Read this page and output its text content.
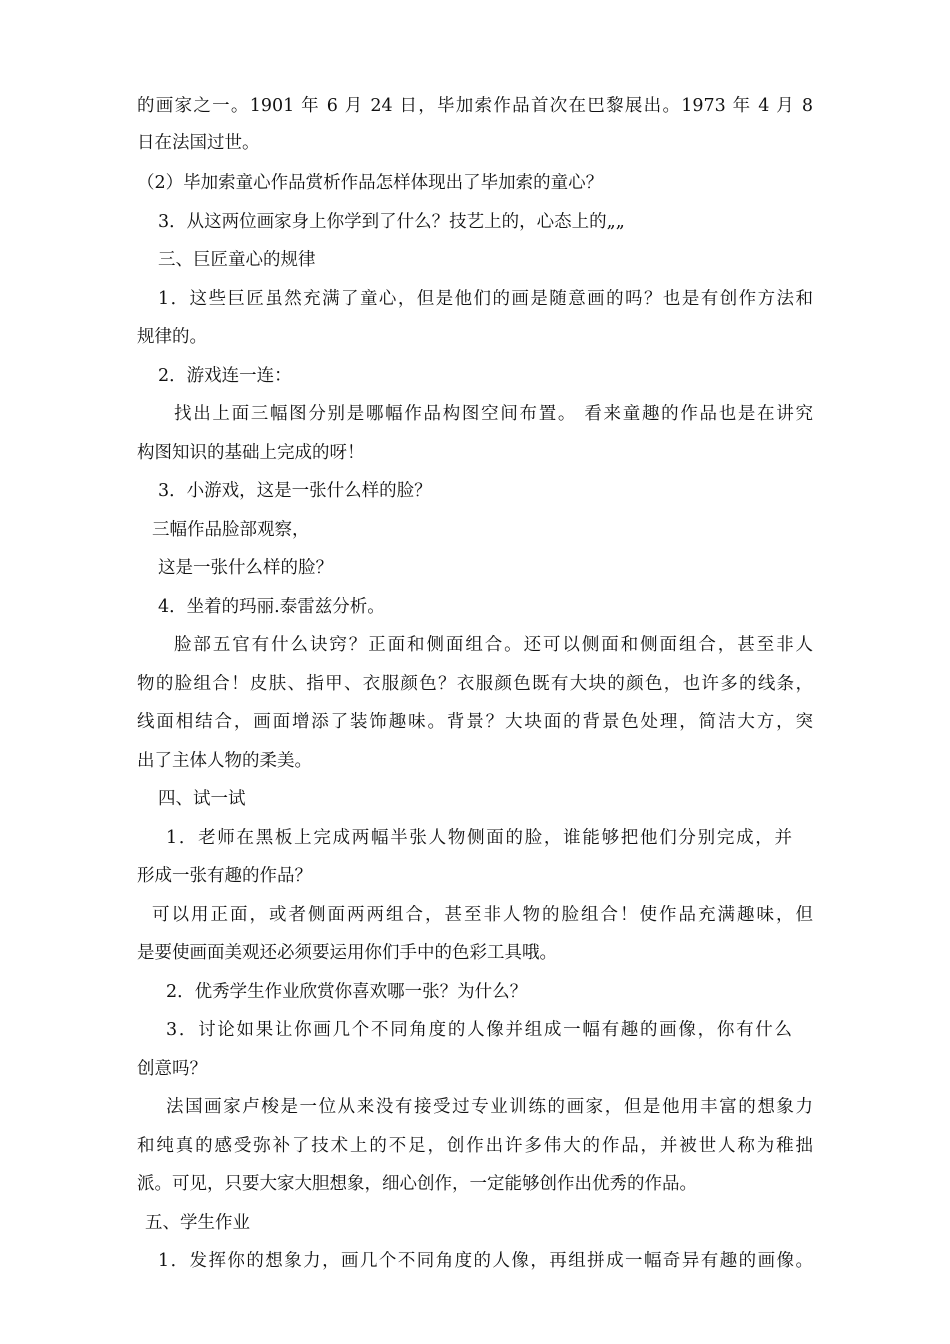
的画家之一。1901 年 6 月 24 日，毕加索作品首次在巴黎展出。1973 年 4 月 8
日在法国过世。
（2）毕加索童心作品赏析作品怎样体现出了毕加索的童心？
3．从这两位画家身上你学到了什么？技艺上的，心态上的„„
三、巨匠童心的规律
1．这些巨匠虽然充满了童心，但是他们的画是随意画的吗？也是有创作方法和
规律的。
2．游戏连一连：
找出上面三幅图分别是哪幅作品构图空间布置。 看来童趣的作品也是在讲究
构图知识的基础上完成的呀！
3．小游戏，这是一张什么样的脸？
三幅作品脸部观察，
这是一张什么样的脸？
4．坐着的玛丽.泰雷兹分析。
脸部五官有什么诀窍？正面和侧面组合。还可以侧面和侧面组合，甚至非人
物的脸组合！皮肤、指甲、衣服颜色？衣服颜色既有大块的颜色，也许多的线条，
线面相结合，画面增添了装饰趣味。背景？大块面的背景色处理，简洁大方，突
出了主体人物的柔美。
四、试一试
1．老师在黑板上完成两幅半张人物侧面的脸，谁能够把他们分别完成，并
形成一张有趣的作品？
可以用正面，或者侧面两两组合，甚至非人物的脸组合！使作品充满趣味，但
是要使画面美观还必须要运用你们手中的色彩工具哦。
2．优秀学生作业欣赏你喜欢哪一张？为什么？
3．讨论如果让你画几个不同角度的人像并组成一幅有趣的画像，你有什么
创意吗？
法国画家卢梭是一位从来没有接受过专业训练的画家，但是他用丰富的想象力
和纯真的感受弥补了技术上的不足，创作出许多伟大的作品，并被世人称为稚拙
派。可见，只要大家大胆想象，细心创作，一定能够创作出优秀的作品。
五、学生作业
1．发挥你的想象力，画几个不同角度的人像，再组拼成一幅奇异有趣的画像。
